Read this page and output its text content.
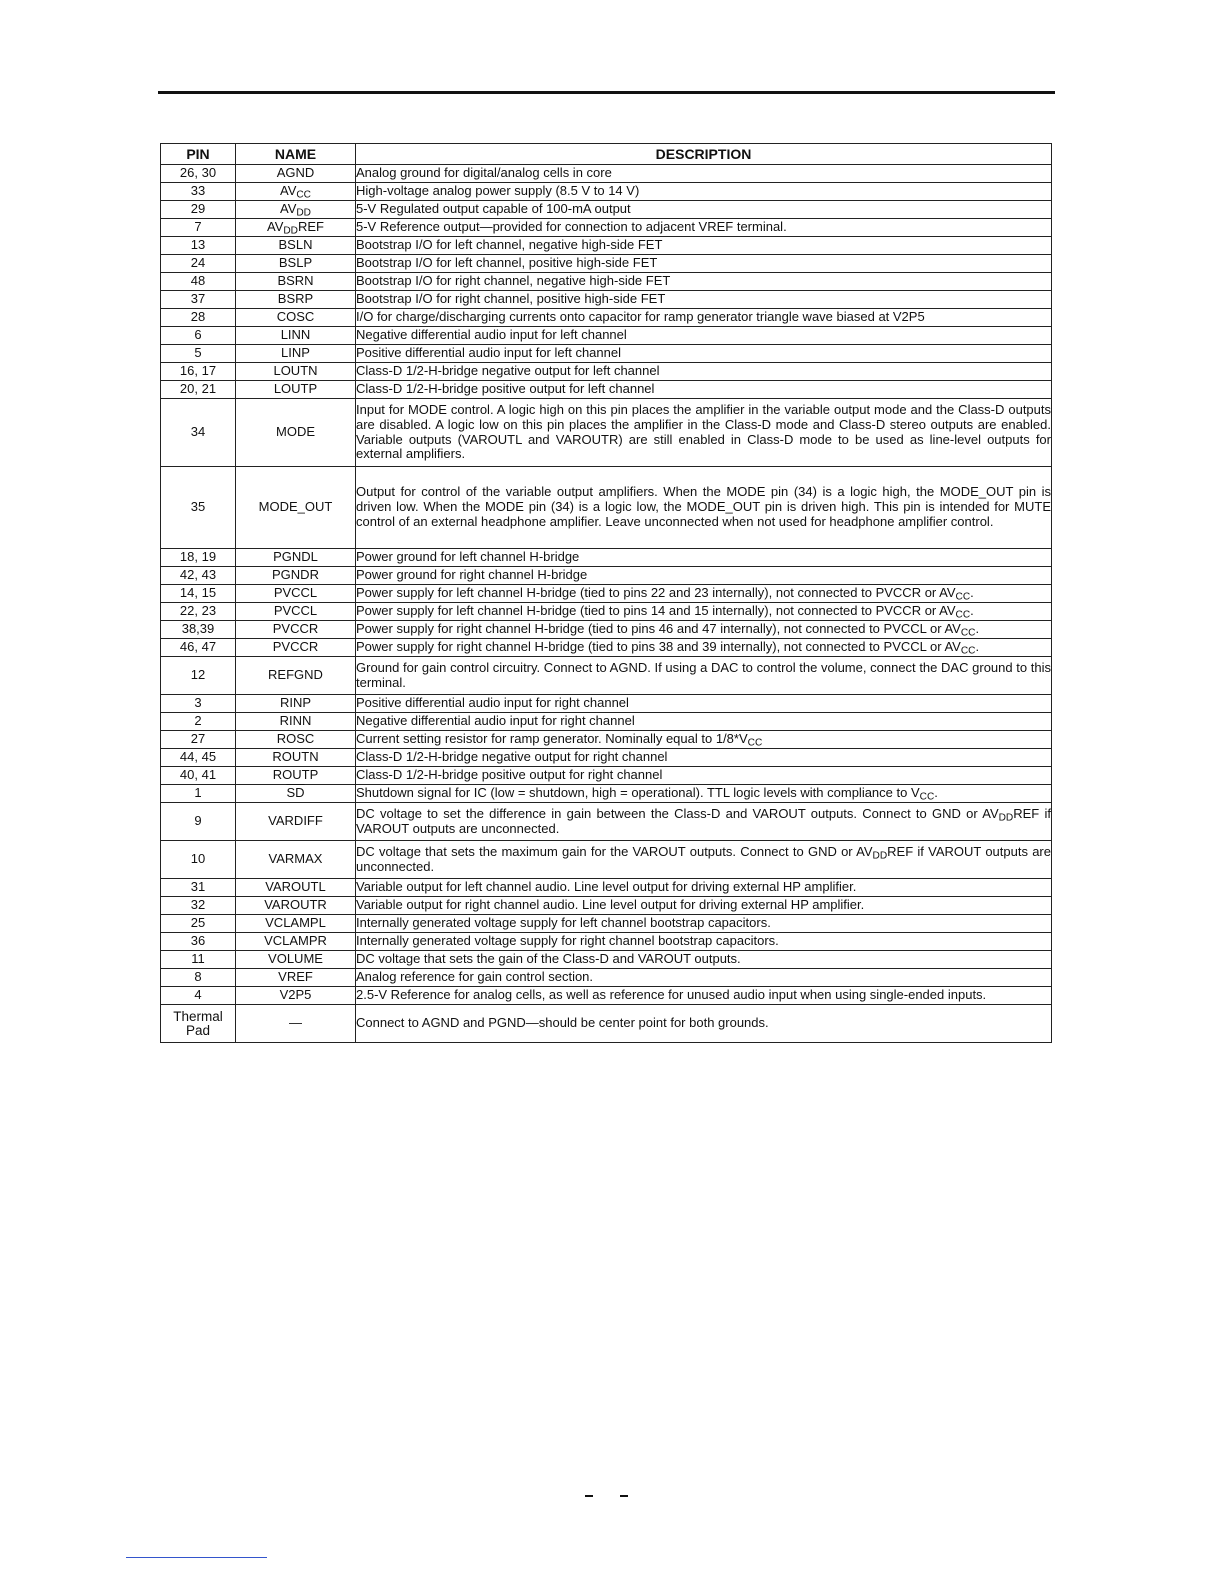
PIN	NAME	DESCRIPTION
26, 30	AGND	Analog ground for digital/analog cells in core
33	$AV_{CC}$	High-voltage analog power supply (8.5 V to 14 V)
29	$AV_{DD}$	5-V Regulated output capable of 100-mA output
7	$AV_{DD}REF$	5-V Reference output—provided for connection to adjacent VREF terminal.
13	BSLN	Bootstrap I/O for left channel, negative high-side FET
24	BSLP	Bootstrap I/O for left channel, positive high-side FET
48	BSRN	Bootstrap I/O for right channel, negative high-side FET
37	BSRP	Bootstrap I/O for right channel, positive high-side FET
28	COSC	I/O for charge/discharging currents onto capacitor for ramp generator triangle wave biased at V2P5
6	LINN	Negative differential audio input for left channel
5	LINP	Positive differential audio input for left channel
16, 17	LOUTN	Class-D 1/2-H-bridge negative output for left channel
20, 21	LOUTP	Class-D 1/2-H-bridge positive output for left channel
34	MODE	Input for MODE control. A logic high on this pin places the amplifier in the variable output mode and the Class-D outputs are disabled. A logic low on this pin places the amplifier in the Class-D mode and Class-D stereo outputs are enabled. Variable outputs (VAROUTL and VAROUTR) are still enabled in Class-D mode to be used as line-level outputs for external amplifiers.
35	MODE_OUT	Output for control of the variable output amplifiers. When the MODE pin (34) is a logic high, the MODE_OUT pin is driven low. When the MODE pin (34) is a logic low, the MODE_OUT pin is driven high. This pin is intended for MUTE control of an external headphone amplifier. Leave unconnected when not used for headphone amplifier control.
18, 19	PGNDL	Power ground for left channel H-bridge
42, 43	PGNDR	Power ground for right channel H-bridge
14, 15	PVCCL	Power supply for left channel H-bridge (tied to pins 22 and 23 internally), not connected to PVCCR or $AV_{CC}$.
22, 23	PVCCL	Power supply for left channel H-bridge (tied to pins 14 and 15 internally), not connected to PVCCR or $AV_{CC}$.
38,39	PVCCR	Power supply for right channel H-bridge (tied to pins 46 and 47 internally), not connected to PVCCL or $AV_{CC}$.
46, 47	PVCCR	Power supply for right channel H-bridge (tied to pins 38 and 39 internally), not connected to PVCCL or $AV_{CC}$.
12	REFGND	Ground for gain control circuitry. Connect to AGND. If using a DAC to control the volume, connect the DAC ground to this terminal.
3	RINP	Positive differential audio input for right channel
2	RINN	Negative differential audio input for right channel
27	ROSC	Current setting resistor for ramp generator. Nominally equal to $1/8*V_{CC}$
44, 45	ROUTN	Class-D 1/2-H-bridge negative output for right channel
40, 41	ROUTP	Class-D 1/2-H-bridge positive output for right channel
1	$\overline{SD}$	Shutdown signal for IC (low = shutdown, high = operational). TTL logic levels with compliance to $V_{CC}$.
9	VARDIFF	DC voltage to set the difference in gain between the Class-D and VAROUT outputs. Connect to GND or $AV_{DD}REF$ if VAROUT outputs are unconnected.
10	VARMAX	DC voltage that sets the maximum gain for the VAROUT outputs. Connect to GND or $AV_{DD}REF$ if VAROUT outputs are unconnected.
31	VAROUTL	Variable output for left channel audio. Line level output for driving external HP amplifier.
32	VAROUTR	Variable output for right channel audio. Line level output for driving external HP amplifier.
25	VCLAMPL	Internally generated voltage supply for left channel bootstrap capacitors.
36	VCLAMPR	Internally generated voltage supply for right channel bootstrap capacitors.
11	VOLUME	DC voltage that sets the gain of the Class-D and VAROUT outputs.
8	VREF	Analog reference for gain control section.
4	V2P5	2.5-V Reference for analog cells, as well as reference for unused audio input when using single-ended inputs.
Thermal Pad	—	Connect to AGND and PGND—should be center point for both grounds.
